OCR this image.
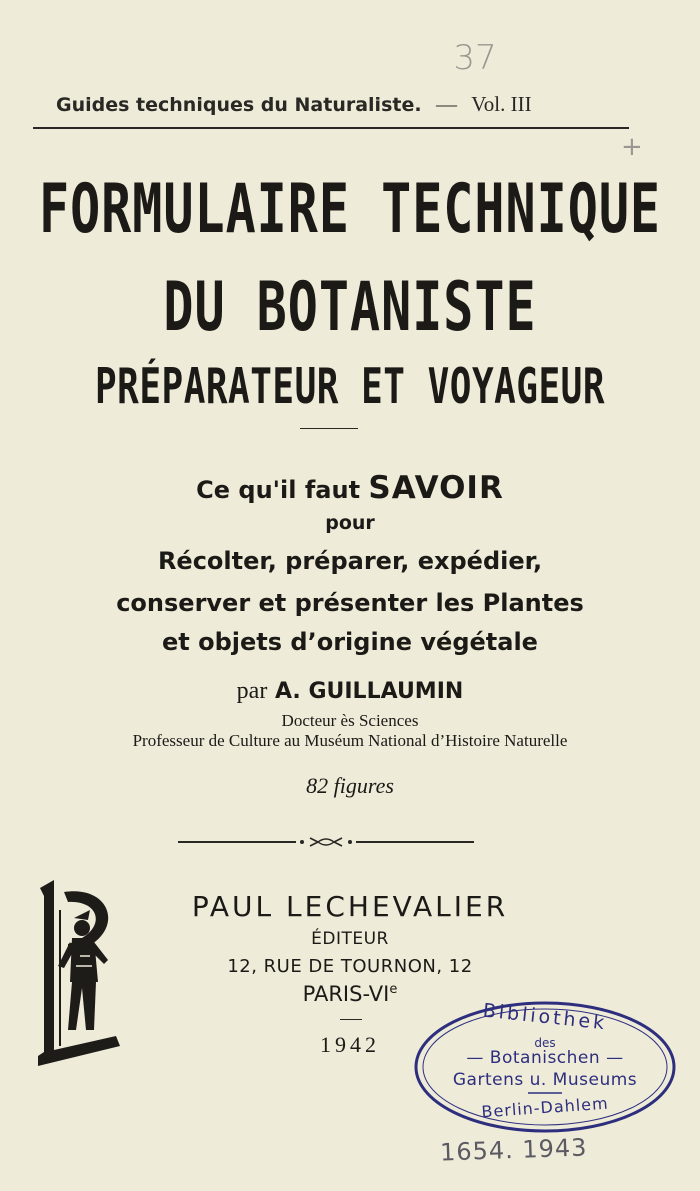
37
Guides techniques du Naturaliste. — Vol. III
+
FORMULAIRE TECHNIQUE
DU BOTANISTE
PRÉPARATEUR ET VOYAGEUR
Ce qu'il faut SAVOIR
pour
Récolter, préparer, expédier,
conserver et présenter les Plantes
et objets d’origine végétale
par A. GUILLAUMIN
Docteur ès Sciences
Professeur de Culture au Muséum National d’Histoire Naturelle
82 figures
PAUL LECHEVALIER
ÉDITEUR
12, RUE DE TOURNON, 12
PARIS-VIe
1942
Bibliothek
des
— Botanischen —
Gartens u. Museums
Berlin-Dahlem
1654. 1943
